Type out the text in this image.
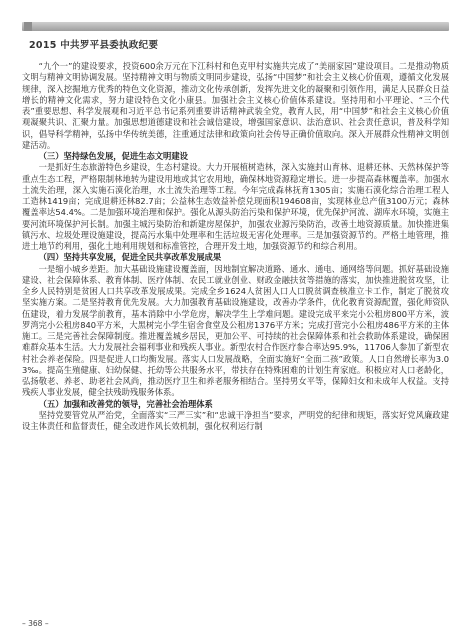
2015 中共罗平县委执政纪要

“九个一”的建设要求，投资600余万元在下江科村和色克甲村实施共完成了“美丽家园”建设项目。二是推动物质文明与精神文明协调发展。坚持精神文明与物质文明同步建设，弘扬“中国梦”和社会主义核心价值观，遵循文化发展规律，深入挖掘地方优秀的特色文化资源，推动文化传承创新，发挥先进文化的凝聚和引领作用，满足人民群众日益增长的精神文化需求，努力建设特色文化小康县。加强社会主义核心价值体系建设。坚持用和小平理论、“三个代表”重要思想、科学发展观和习近平总书记系列重要讲话精神武装全党，教育人民，用“中国梦”和社会主义核心价值观凝聚共识、汇聚力量。加强思想道德建设和社会诚信建设，增强国家意识、法治意识、社会责任意识，普及科学知识，倡导科学精神，弘扬中华传统美德，注重通过法律和政策向社会传导正确价值取向。深入开展群众性精神文明创建活动。

（三）坚持绿色发展，促进生态文明建设

一是抓好生态旅游特色乡建设，生态村建设。大力开展植树造林，深入实施封山育林、退耕还林、天然林保护等重点生态工程，严格限制林地转为建设用地或其它农用地，确保林地资源稳定增长。进一步提高森林覆盖率。加强水土流失治理，深入实施石漠化治理，水土流失治理等工程。今年完成森林抚育1305亩；实施石漠化综合治理工程人工造林1419亩；完成退耕还林82.7亩；公益林生态效益补偿兑现面积194608亩，实现林业总产值3100万元；森林覆盖率达54.4%。二是加强环境治理和保护。强化从源头防治污染和保护环境，优先保护河流、湖库水环境，实施主要河流环境保护河长制。加强主城污染防治和新建房屋保护，加强农业源污染防治，改善土地资源质量。加快推进集镇污水、垃圾处理设施建设，提高污水集中处理率和生活垃圾无害化处理率。三是加强资源节约。严格土地管理，推进土地节约利用，强化土地利用规划和标准管控，合理开发土地，加强资源节约和综合利用。

（四）坚持共享发展，促进全民共享改革发展成果

一是缩小城乡差距。加大基础设施建设覆盖面，因地制宜解决道路、通水、通电、通网络等问题。抓好基础设施建设、社会保障体系、教育体制、医疗体制、农民工就业创业、财政金融扶贫等措施的落实，加快推进脱贫攻坚，让全乡人民特别是贫困人口共享改革发展成果。完成全乡1624人贫困人口人口脱贫调查核准立卡工作，制定了脱贫攻坚实施方案。二是坚持教育优先发展。大力加强教育基础设施建设，改善办学条件，优化教育资源配置，强化师资队伍建设，着力发展学前教育，基本消除中小学危房，解决学生上学难问题。建设完成平来完小公租房800平方米，波罗湾完小公租房840平方米，大黑树完小学生宿舍食堂及公租房1376平方米；完成打营完小公租房486平方米的主体施工。三是完善社会保障制度。推进覆盖城乡居民，更加公平、可持续的社会保障体系和社会救助体系建设，确保困难群众基本生活。大力发展社会福利事业和残疾人事业。新型农村合作医疗参合率达95.9%，11706人参加了新型农村社会养老保险。四是促进人口均衡发展。落实人口发展战略，全面实施好“全面二孩”政策。人口自然增长率为3.03‰。提高生殖健康、妇幼保健、托幼等公共服务水平，带扶存在特殊困难的计划生育家庭。积极应对人口老龄化，弘扬敬老、养老、助老社会风尚，推动医疗卫生和养老服务相结合。坚持男女平等，保障妇女和未成年人权益。支持残疾人事业发展，健全扶残助残服务体系。

（五）加强和改善党的领导，完善社会治理体系

坚持党要管党从严治党，全面落实“三严三实”和“忠诚干净担当”要求，严明党的纪律和规矩，落实好党风廉政建设主体责任和监督责任，健全改进作风长效机制，强化权利运行制

– 368 –
